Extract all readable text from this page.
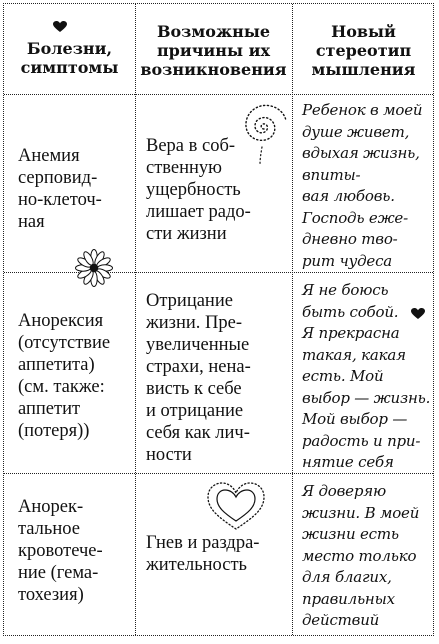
Болезни,
симптомы
Возможные
причины их
возникновения
Новый
стереотип
мышления
Анемия
серповид-
но-клеточ-
ная
Вера в соб-
ственную
ущербность
лишает радо-
сти жизни
Ребенок в моей
душе живет,
вдыхая жизнь,
впиты-
вая любовь.
Господь еже-
дневно тво-
рит чудеса
Анорексия
(отсутствие
аппетита)
(см. также:
аппетит
(потеря))
Отрицание
жизни. Пре-
увеличенные
страхи, нена-
висть к себе
и отрицание
себя как лич-
ности
Я не боюсь
быть собой.
Я прекрасна
такая, какая
есть. Мой
выбор — жизнь.
Мой выбор —
радость и при-
нятие себя
Анорек-
тальное
кровотече-
ние (гема-
тохезия)
Гнев и раздра-
жительность
Я доверяю
жизни. В моей
жизни есть
место только
для благих,
правильных
действий
